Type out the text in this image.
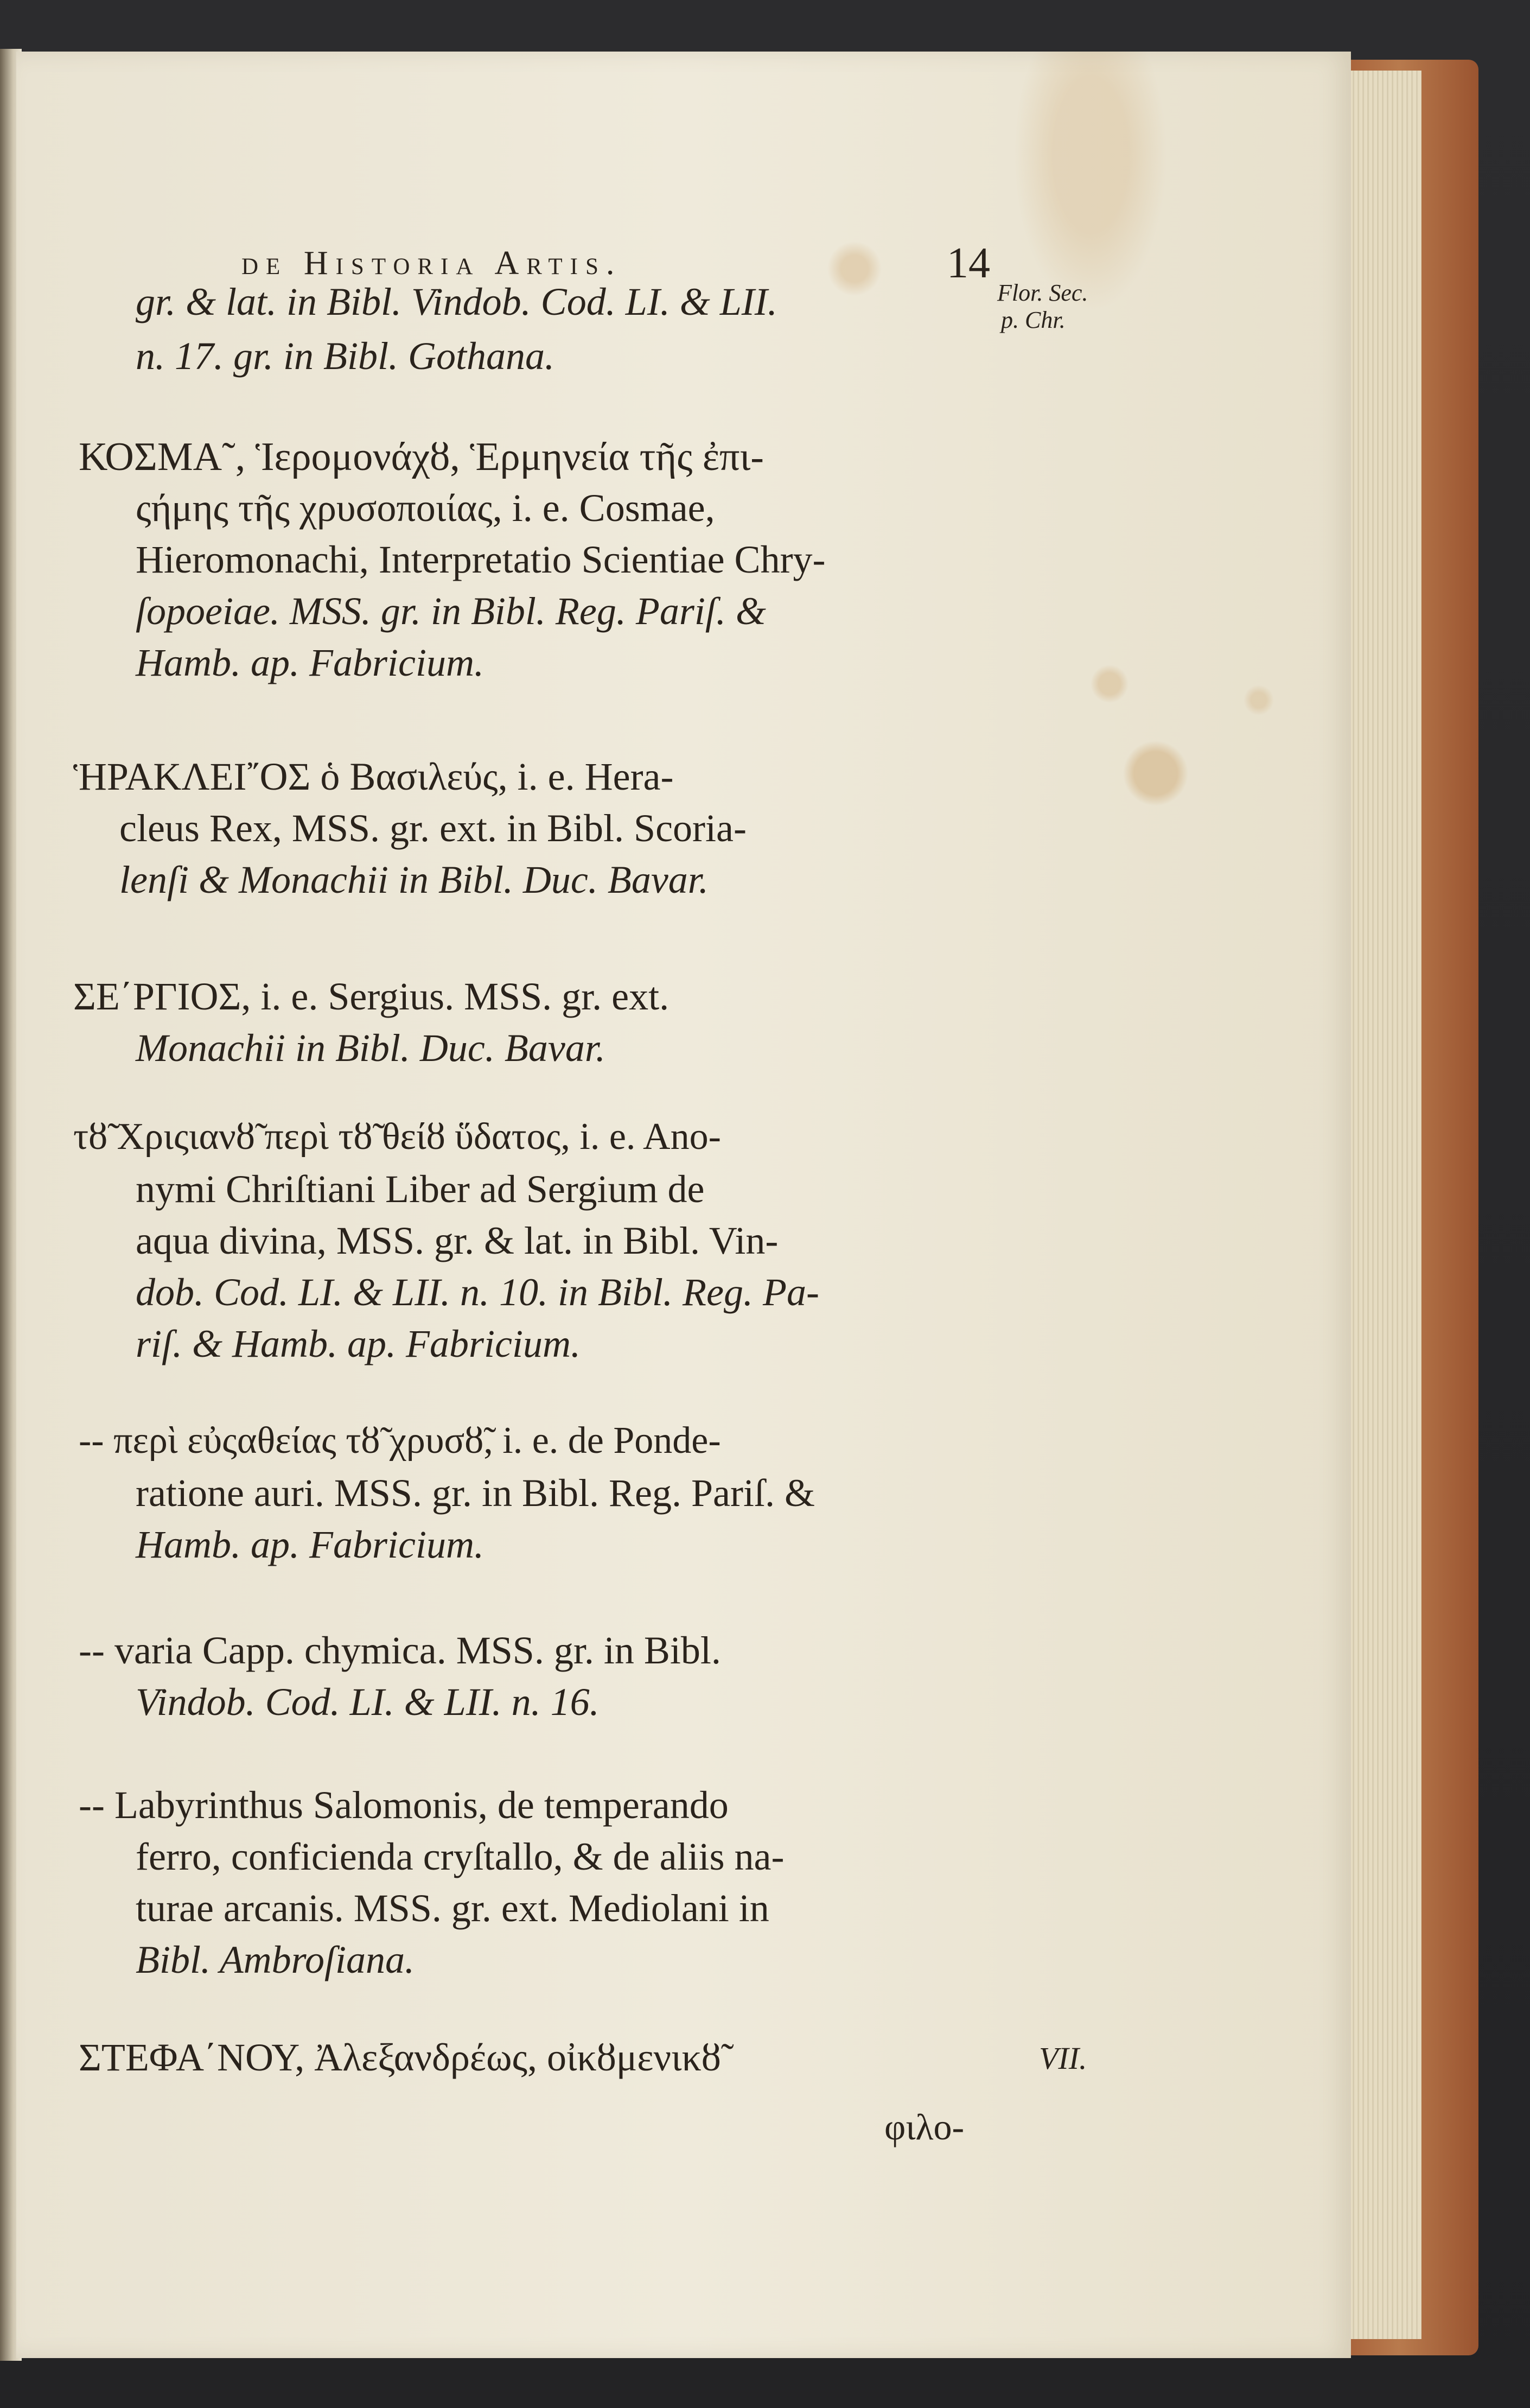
de Historia Artis.	14
Flor. Sec.
p. Chr.
gr. & lat. in Bibl. Vindob. Cod. LI. & LII.
n. 17. gr. in Bibl. Gothana.
ΚΟΣΜΑ῀, Ἱερομονάχȣ, Ἑρμηνεία τῆς ἐπι-
ςήμης τῆς χρυσοποιίας, i. e. Cosmae,
Hieromonachi, Interpretatio Scientiae Chry-
ſopoeiae. MSS. gr. in Bibl. Reg. Pariſ. &
Hamb. ap. Fabricium.
ἩΡΑΚΛΕΙ῎ΟΣ ὁ Βασιλεύς, i. e. Hera-
cleus Rex, MSS. gr. ext. in Bibl. Scoria-
lenſi & Monachii in Bibl. Duc. Bavar.
ΣΕ΄ΡΓΙΟΣ, i. e. Sergius. MSS. gr. ext.
Monachii in Bibl. Duc. Bavar.
τȣ̃ Χριςιανȣ̃ περὶ τȣ̃ θείȣ ὕδατος, i. e. Ano-
nymi Chriſtiani Liber ad Sergium de
aqua divina, MSS. gr. & lat. in Bibl. Vin-
dob. Cod. LI. & LII. n. 10. in Bibl. Reg. Pa-
riſ. & Hamb. ap. Fabricium.
-- περὶ εὐςαθείας τȣ̃ χρυσȣ̃, i. e. de Ponde-
ratione auri. MSS. gr. in Bibl. Reg. Pariſ. &
Hamb. ap. Fabricium.
-- varia Capp. chymica. MSS. gr. in Bibl.
Vindob. Cod. LI. & LII. n. 16.
-- Labyrinthus Salomonis, de temperando
ferro, conficienda cryſtallo, & de aliis na-
turae arcanis. MSS. gr. ext. Mediolani in
Bibl. Ambroſiana.
ΣΤΕΦΑ΄ΝΟΥ, Ἀλεξανδρέως, οἰκȣμενικȣ̃	VII.
φιλο-
